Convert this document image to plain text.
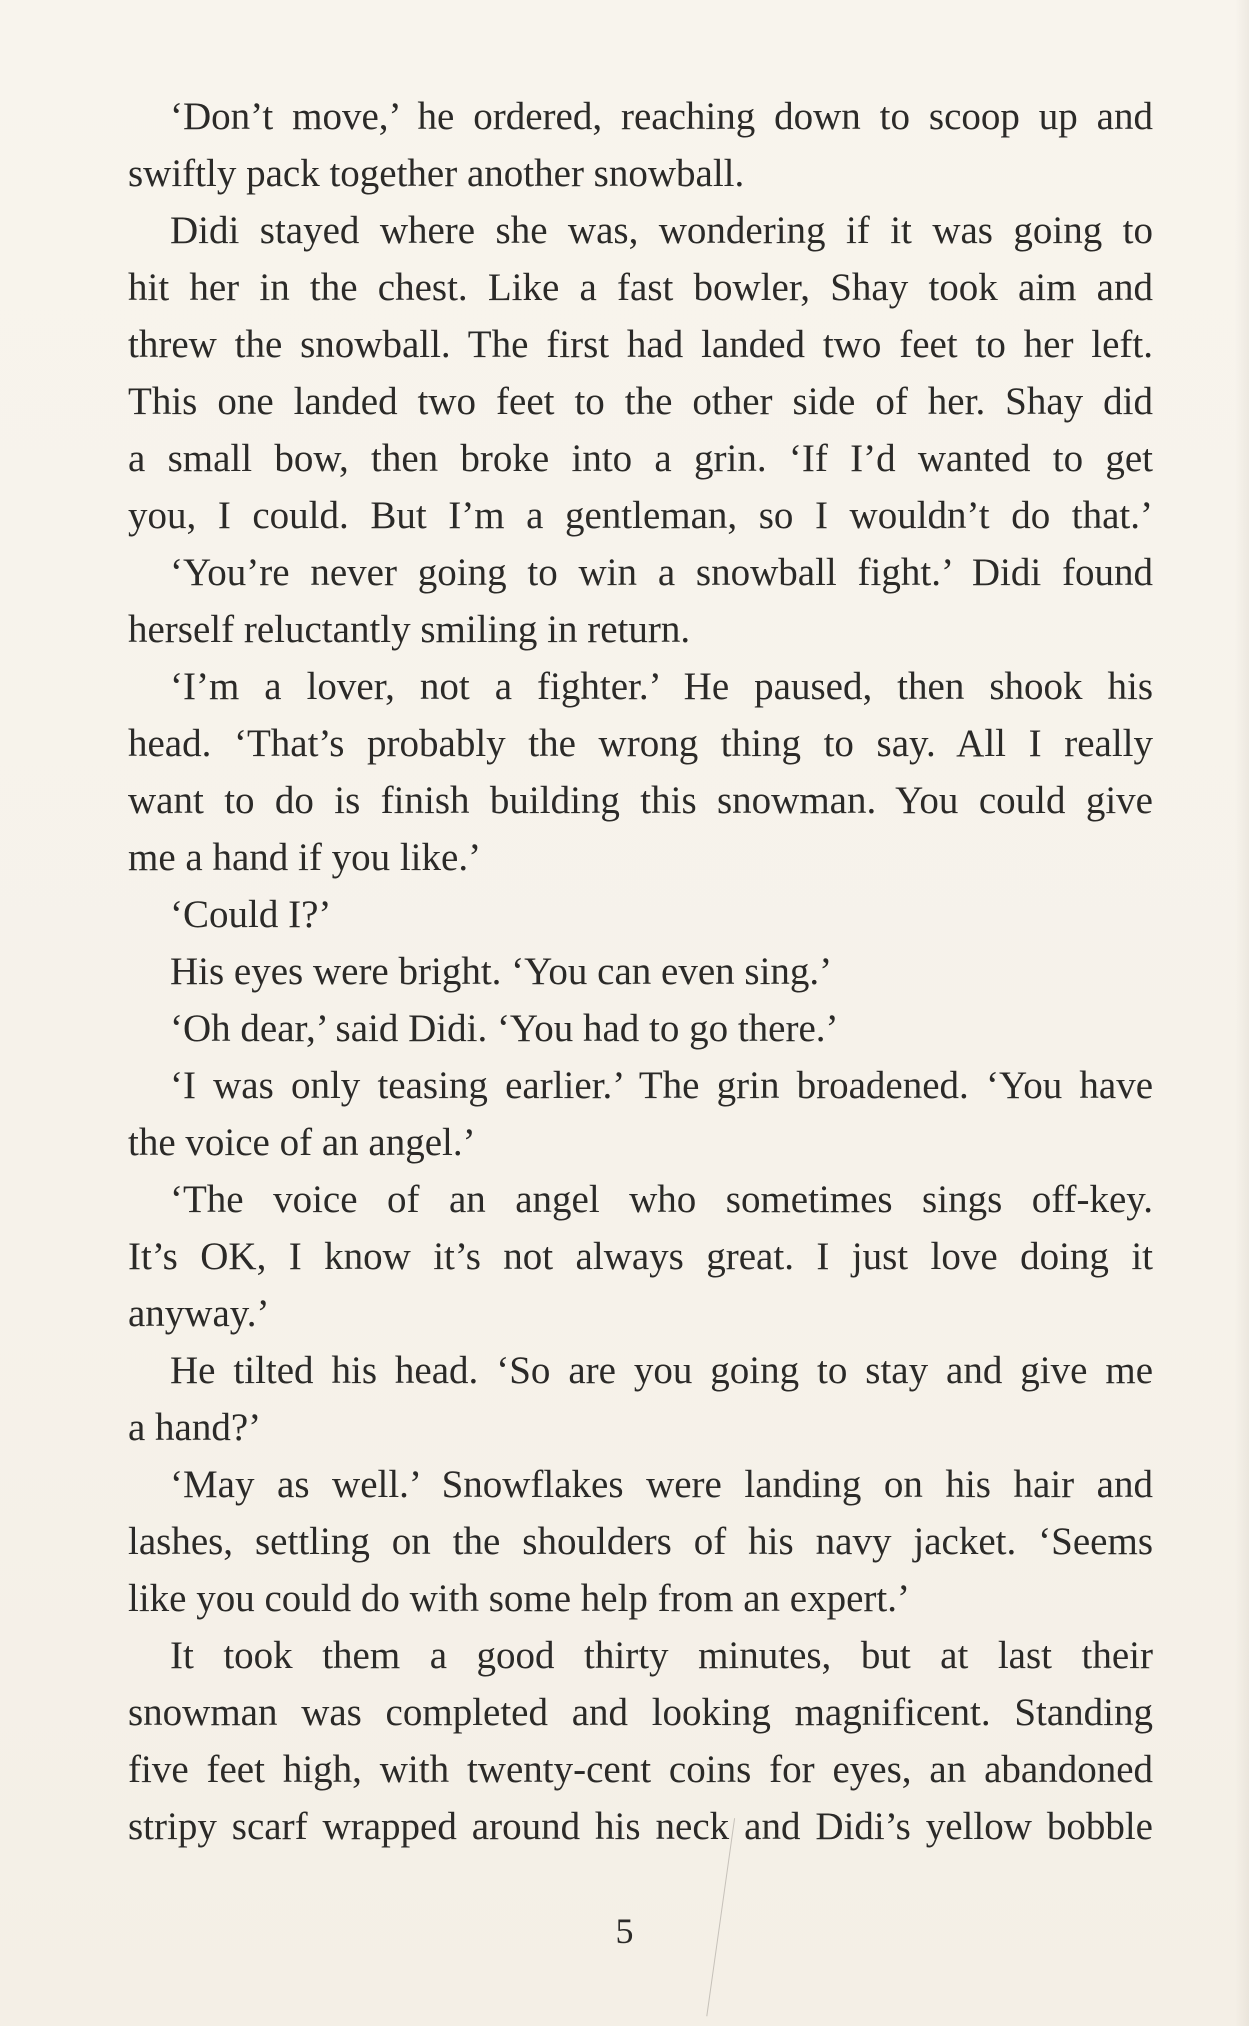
‘Don’t move,’ he ordered, reaching down to scoop up and
swiftly pack together another snowball.
Didi stayed where she was, wondering if it was going to
hit her in the chest. Like a fast bowler, Shay took aim and
threw the snowball. The first had landed two feet to her left.
This one landed two feet to the other side of her. Shay did
a small bow, then broke into a grin. ‘If I’d wanted to get
you, I could. But I’m a gentleman, so I wouldn’t do that.’
‘You’re never going to win a snowball fight.’ Didi found
herself reluctantly smiling in return.
‘I’m a lover, not a fighter.’ He paused, then shook his
head. ‘That’s probably the wrong thing to say. All I really
want to do is finish building this snowman. You could give
me a hand if you like.’
‘Could I?’
His eyes were bright. ‘You can even sing.’
‘Oh dear,’ said Didi. ‘You had to go there.’
‘I was only teasing earlier.’ The grin broadened. ‘You have
the voice of an angel.’
‘The voice of an angel who sometimes sings off-key.
It’s OK, I know it’s not always great. I just love doing it
anyway.’
He tilted his head. ‘So are you going to stay and give me
a hand?’
‘May as well.’ Snowflakes were landing on his hair and
lashes, settling on the shoulders of his navy jacket. ‘Seems
like you could do with some help from an expert.’
It took them a good thirty minutes, but at last their
snowman was completed and looking magnificent. Standing
five feet high, with twenty-cent coins for eyes, an abandoned
stripy scarf wrapped around his neck and Didi’s yellow bobble
5
